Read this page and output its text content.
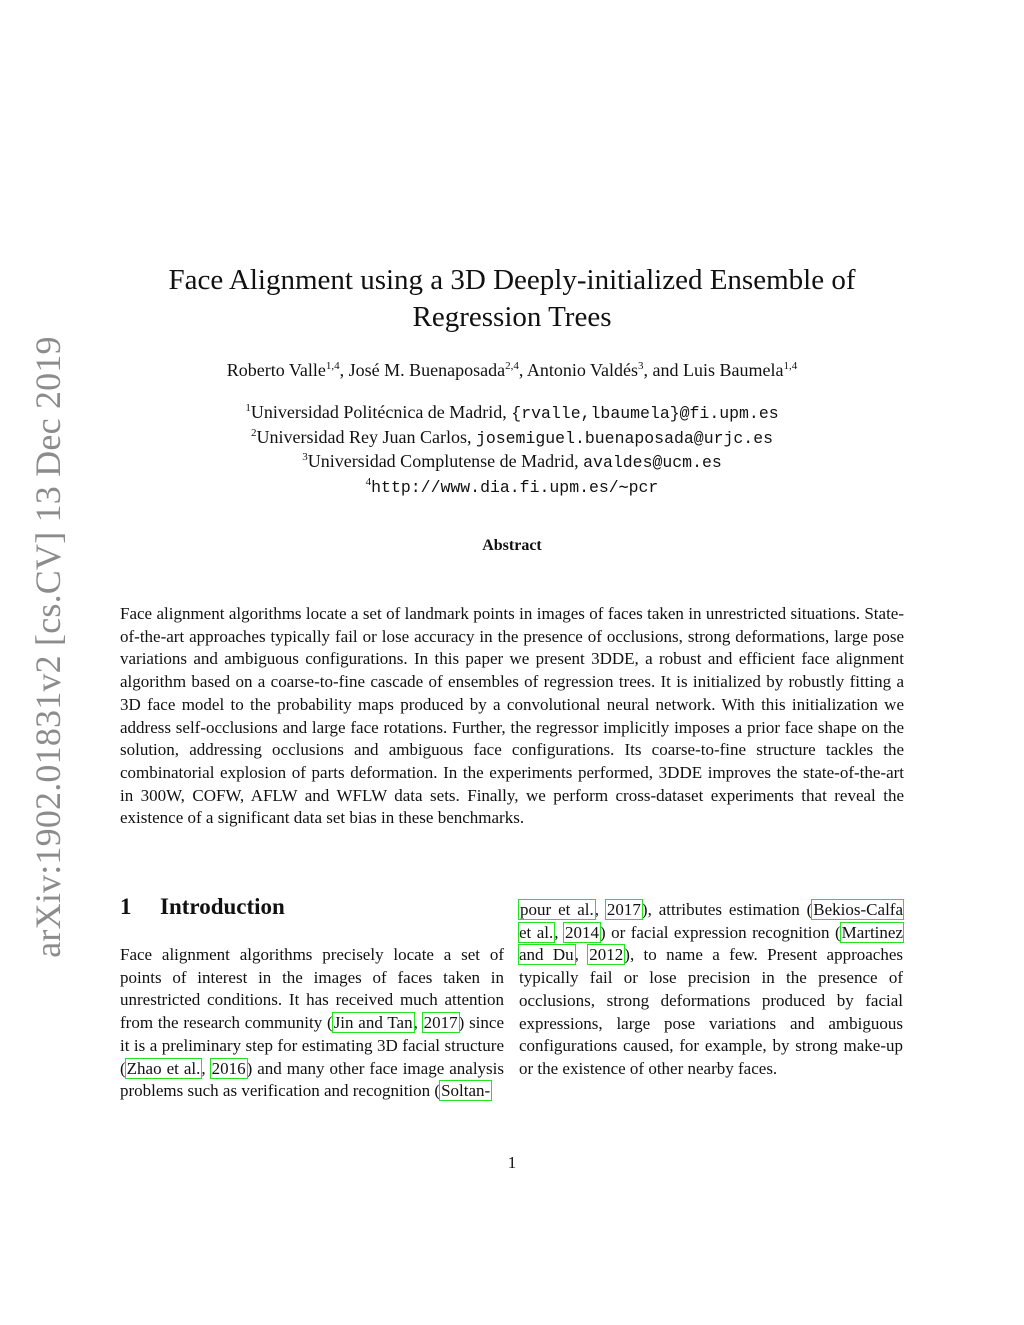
arXiv:1902.01831v2 [cs.CV] 13 Dec 2019
Face Alignment using a 3D Deeply-initialized Ensemble of
Regression Trees
Roberto Valle$^{1,4}$, José M. Buenaposada$^{2,4}$, Antonio Valdés$^3$, and Luis Baumela$^{1,4}$
$^1$Universidad Politécnica de Madrid, {rvalle,lbaumela}@fi.upm.es
$^2$Universidad Rey Juan Carlos, josemiguel.buenaposada@urjc.es
$^3$Universidad Complutense de Madrid, avaldes@ucm.es
$^4$http://www.dia.fi.upm.es/∼pcr
Abstract
Face alignment algorithms locate a set of landmark points in images of faces taken in unrestricted situations. State-of-the-art approaches typically fail or lose accuracy in the presence of occlusions, strong deformations, large pose variations and ambiguous configurations. In this paper we present 3DDE, a robust and efficient face alignment algorithm based on a coarse-to-fine cascade of ensembles of regression trees. It is initialized by robustly fitting a 3D face model to the probability maps produced by a convolutional neural network. With this initialization we address self-occlusions and large face rotations. Further, the regressor implicitly imposes a prior face shape on the solution, addressing occlusions and ambiguous face configurations. Its coarse-to-fine structure tackles the combinatorial explosion of parts deformation. In the experiments performed, 3DDE improves the state-of-the-art in 300W, COFW, AFLW and WFLW data sets. Finally, we perform cross-dataset experiments that reveal the existence of a significant data set bias in these benchmarks.
1 Introduction
Face alignment algorithms precisely locate a set of points of interest in the images of faces taken in unrestricted conditions. It has received much attention from the research community (Jin and Tan, 2017) since it is a preliminary step for estimating 3D facial structure (Zhao et al., 2016) and many other face image analysis problems such as verification and recognition (Soltan-
pour et al., 2017), attributes estimation (Bekios-Calfa et al., 2014) or facial expression recognition (Martinez and Du, 2012), to name a few. Present approaches typically fail or lose precision in the presence of occlusions, strong deformations produced by facial expressions, large pose variations and ambiguous configurations caused, for example, by strong make-up or the existence of other nearby faces.
1
